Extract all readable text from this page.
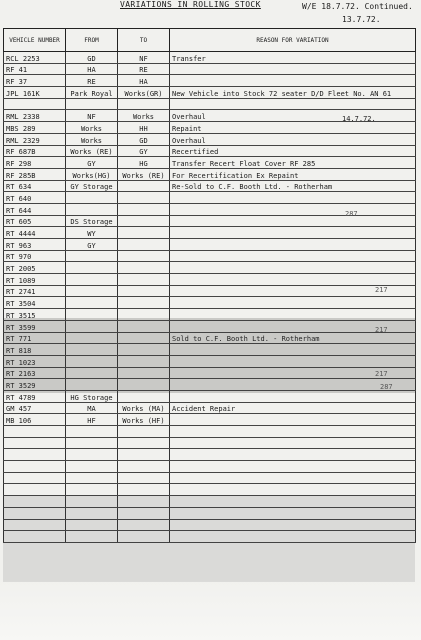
VARIATIONS IN ROLLING STOCK	W/E 18.7.72. Continued.
13.7.72.
VEHICLE NUMBER	FROM	TO	REASON FOR VARIATION
RCL 2253	GD	NF	Transfer
RF 41	HA	RE	
RF 37	RE	HA	
JPL 161K	Park Royal	Works(GR)	New Vehicle into Stock 72 seater D/D Fleet No. AN 61

RML 2338	NF	Works	Overhaul
MBS 289	Works	HH	Repaint
RML 2329	Works	GD	Overhaul
RF 687B	Works (RE)	GY	Recertified
RF 298	GY	HG	Transfer Recert Float Cover RF 285
RF 285B	Works(HG)	Works (RE)	For Recertification Ex Repaint
RT 634	GY Storage		Re-Sold to C.F. Booth Ltd. - Rotherham
RT 640			
RT 644			
RT 605	DS Storage		
RT 4444	WY		
RT 963	GY		
RT 970			
RT 2005			
RT 1089			
RT 2741			
RT 3504			
RT 3515			
RT 3599			
RT 771			Sold to C.F. Booth Ltd. - Rotherham
RT 818			
RT 1023			
RT 2163			
RT 3529			
RT 4789	HG Storage		
GM 457	MA	Works (MA)	Accident Repair
MB 106	HF	Works (HF)	

14.7.72.
287
217
217
217
287
